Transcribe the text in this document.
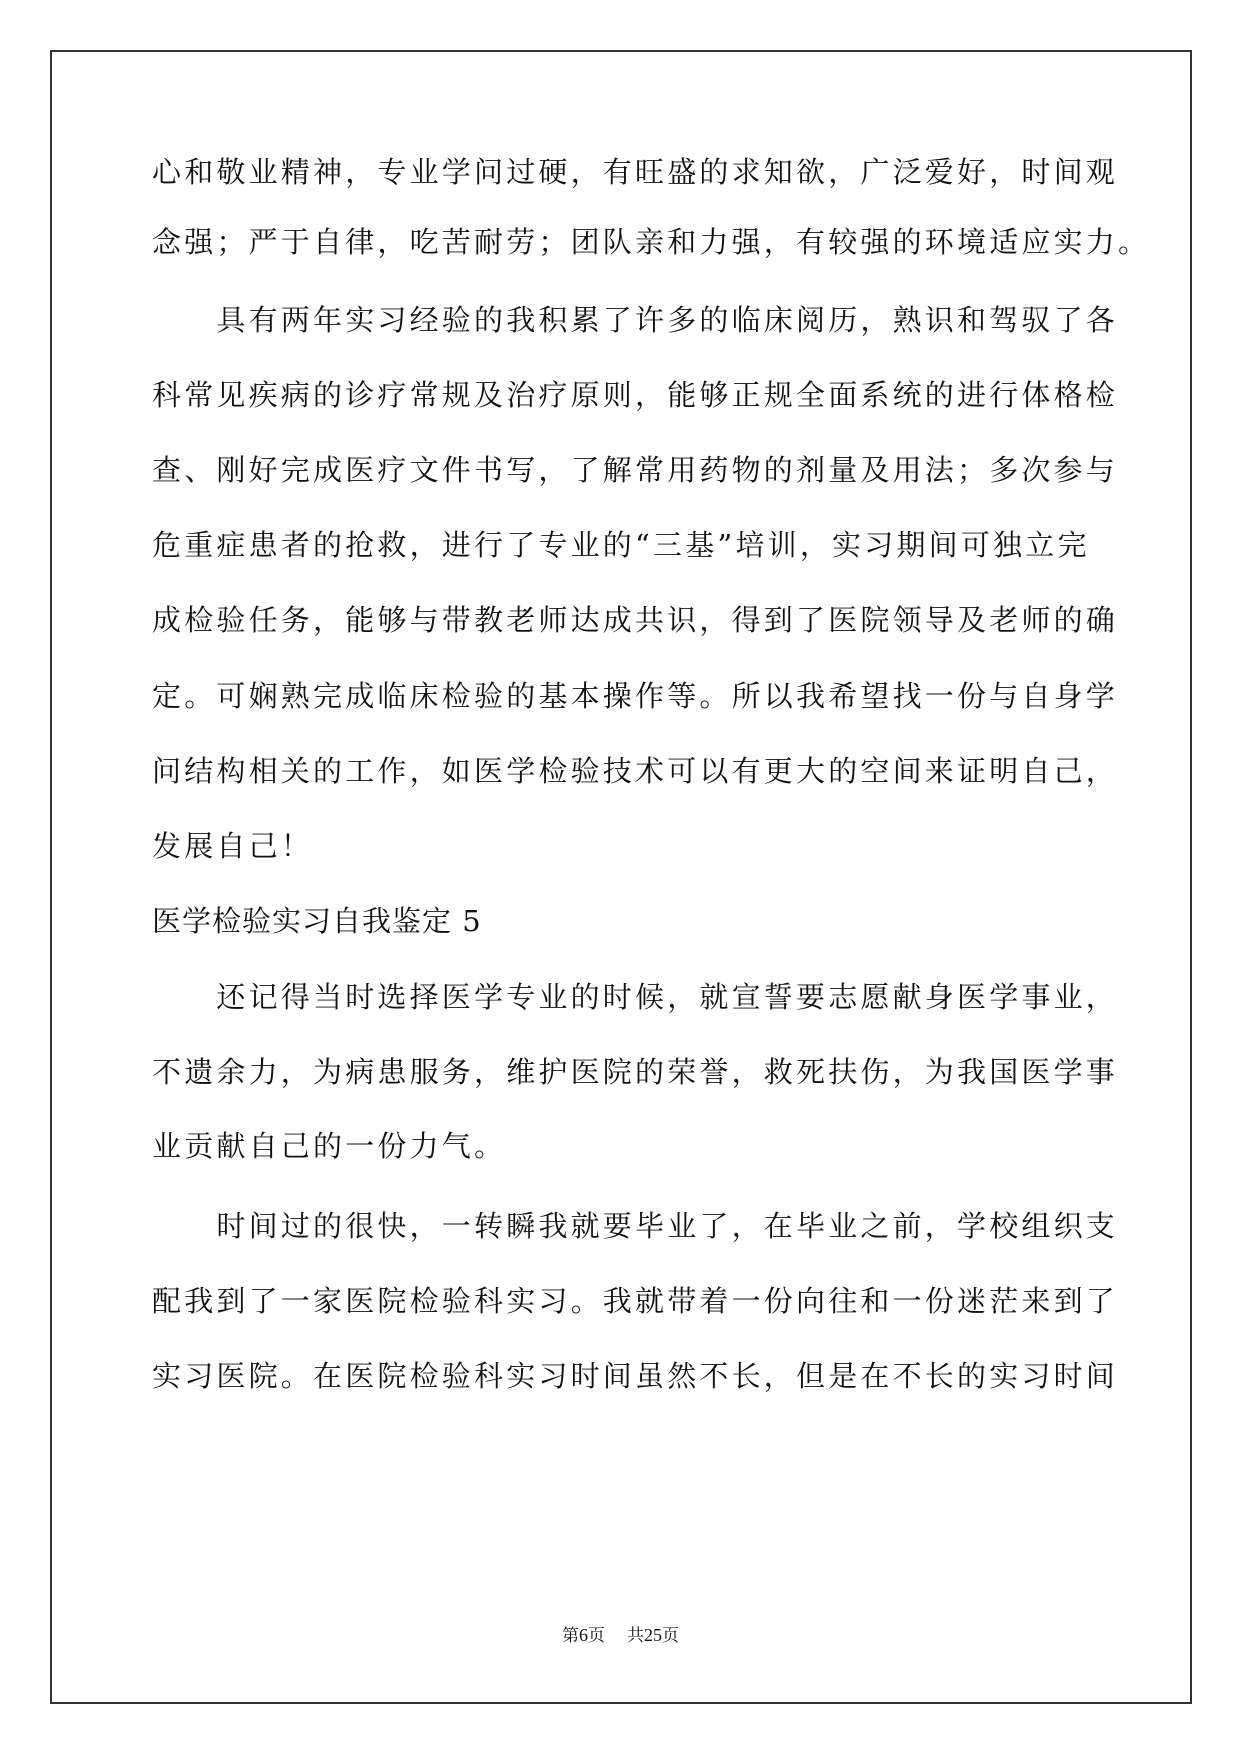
心和敬业精神，专业学问过硬，有旺盛的求知欲，广泛爱好，时间观
念强；严于自律，吃苦耐劳；团队亲和力强，有较强的环境适应实力。
　　具有两年实习经验的我积累了许多的临床阅历，熟识和驾驭了各
科常见疾病的诊疗常规及治疗原则，能够正规全面系统的进行体格检
查、刚好完成医疗文件书写，了解常用药物的剂量及用法；多次参与
危重症患者的抢救，进行了专业的“三基”培训，实习期间可独立完
成检验任务，能够与带教老师达成共识，得到了医院领导及老师的确
定。可娴熟完成临床检验的基本操作等。所以我希望找一份与自身学
问结构相关的工作，如医学检验技术可以有更大的空间来证明自己，
发展自己！
医学检验实习自我鉴定 5
　　还记得当时选择医学专业的时候，就宣誓要志愿献身医学事业，
不遗余力，为病患服务，维护医院的荣誉，救死扶伤，为我国医学事
业贡献自己的一份力气。
　　时间过的很快，一转瞬我就要毕业了，在毕业之前，学校组织支
配我到了一家医院检验科实习。我就带着一份向往和一份迷茫来到了
实习医院。在医院检验科实习时间虽然不长，但是在不长的实习时间
第6页 共25页
